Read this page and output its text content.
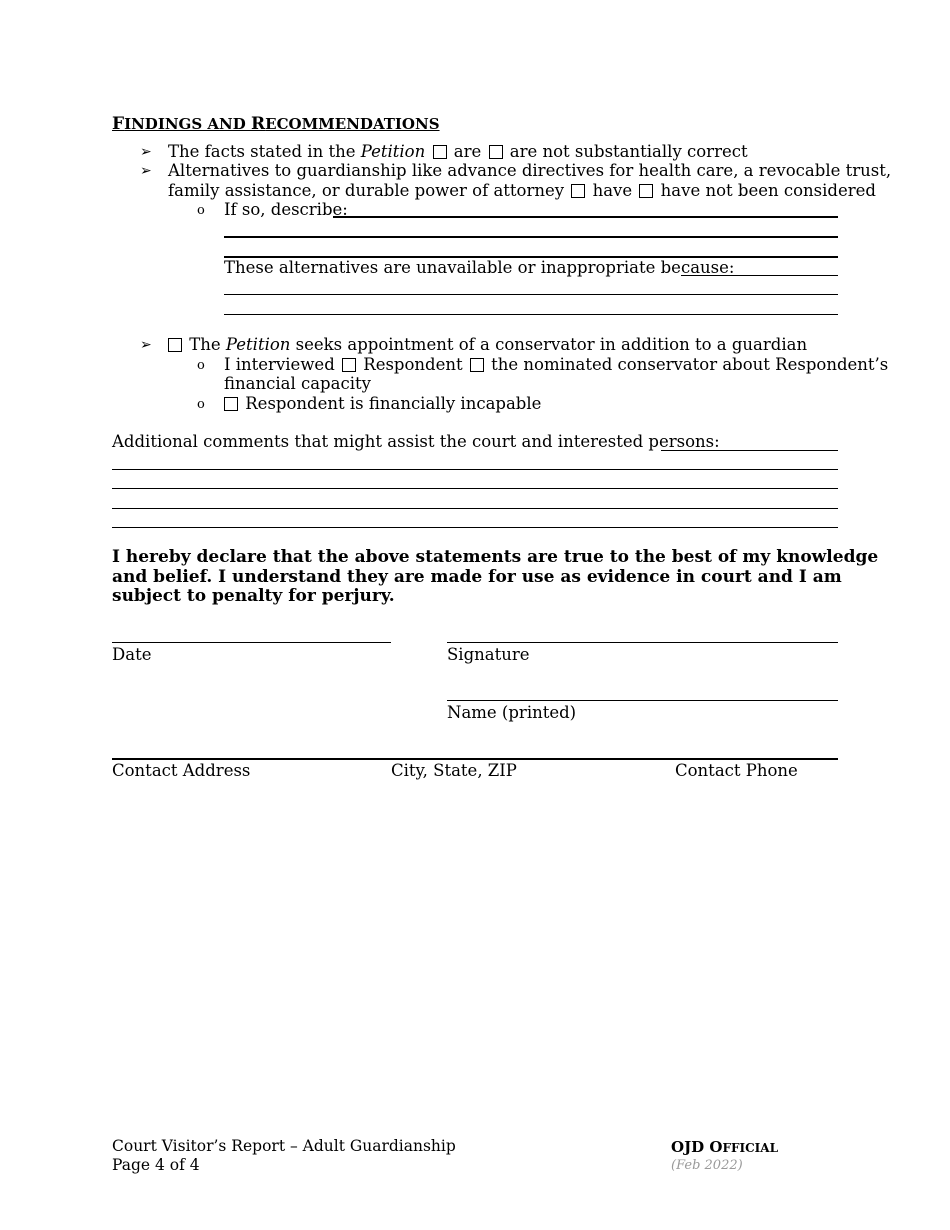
FINDINGS AND RECOMMENDATIONS
➢ The facts stated in the Petition are are not substantially correct
➢ Alternatives to guardianship like advance directives for health care, a revocable trust,
family assistance, or durable power of attorney have have not been considered
o If so, describe:
These alternatives are unavailable or inappropriate because:
➢	The Petition seeks appointment of a conservator in addition to a guardian
o I interviewed Respondent the nominated conservator about Respondent’s
financial capacity
o	Respondent is financially incapable
Additional comments that might assist the court and interested persons:
I hereby declare that the above statements are true to the best of my knowledge
and belief. I understand they are made for use as evidence in court and I am
subject to penalty for perjury.
Date	Signature
Name (printed)
Contact Address	City, State, ZIP	Contact Phone
Court Visitor’s Report – Adult Guardianship
Page 4 of 4
OJD OFFICIAL
(Feb 2022)
